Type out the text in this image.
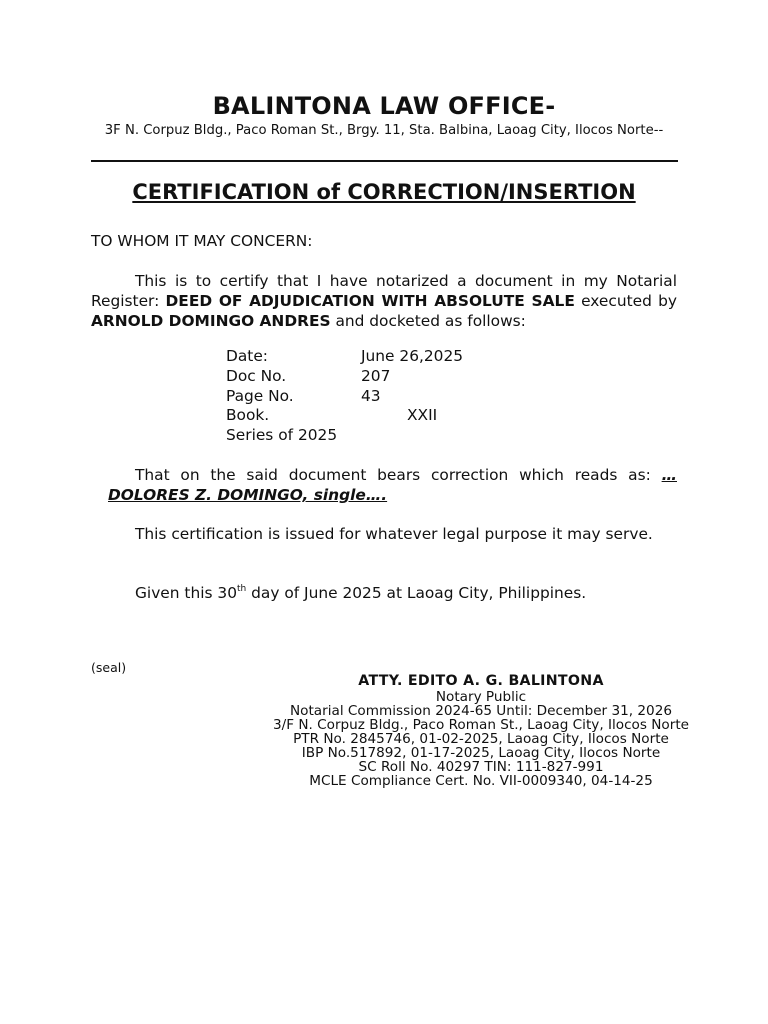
BALINTONA LAW OFFICE-
3F N. Corpuz Bldg., Paco Roman St., Brgy. 11, Sta. Balbina, Laoag City, Ilocos Norte--
CERTIFICATION of CORRECTION/INSERTION
TO WHOM IT MAY CONCERN:
This is to certify that I have notarized a document in my Notarial Register: DEED OF ADJUDICATION WITH ABSOLUTE SALE executed by ARNOLD DOMINGO ANDRES and docketed as follows:
Date:	June 26,2025
Doc No.	207
Page No.	43
Book.	XXII
Series of 2025
That on the said document bears correction which reads as: … DOLORES Z. DOMINGO, single….
This certification is issued for whatever legal purpose it may serve.
Given this 30th day of June 2025 at Laoag City, Philippines.
(seal)
ATTY. EDITO A. G. BALINTONA
Notary Public
Notarial Commission 2024-65 Until: December 31, 2026
3/F N. Corpuz Bldg., Paco Roman St., Laoag City, Ilocos Norte
PTR No. 2845746, 01-02-2025, Laoag City, Ilocos Norte
IBP No.517892, 01-17-2025, Laoag City, Ilocos Norte
SC Roll No. 40297 TIN: 111-827-991
MCLE Compliance Cert. No. VII-0009340, 04-14-25
